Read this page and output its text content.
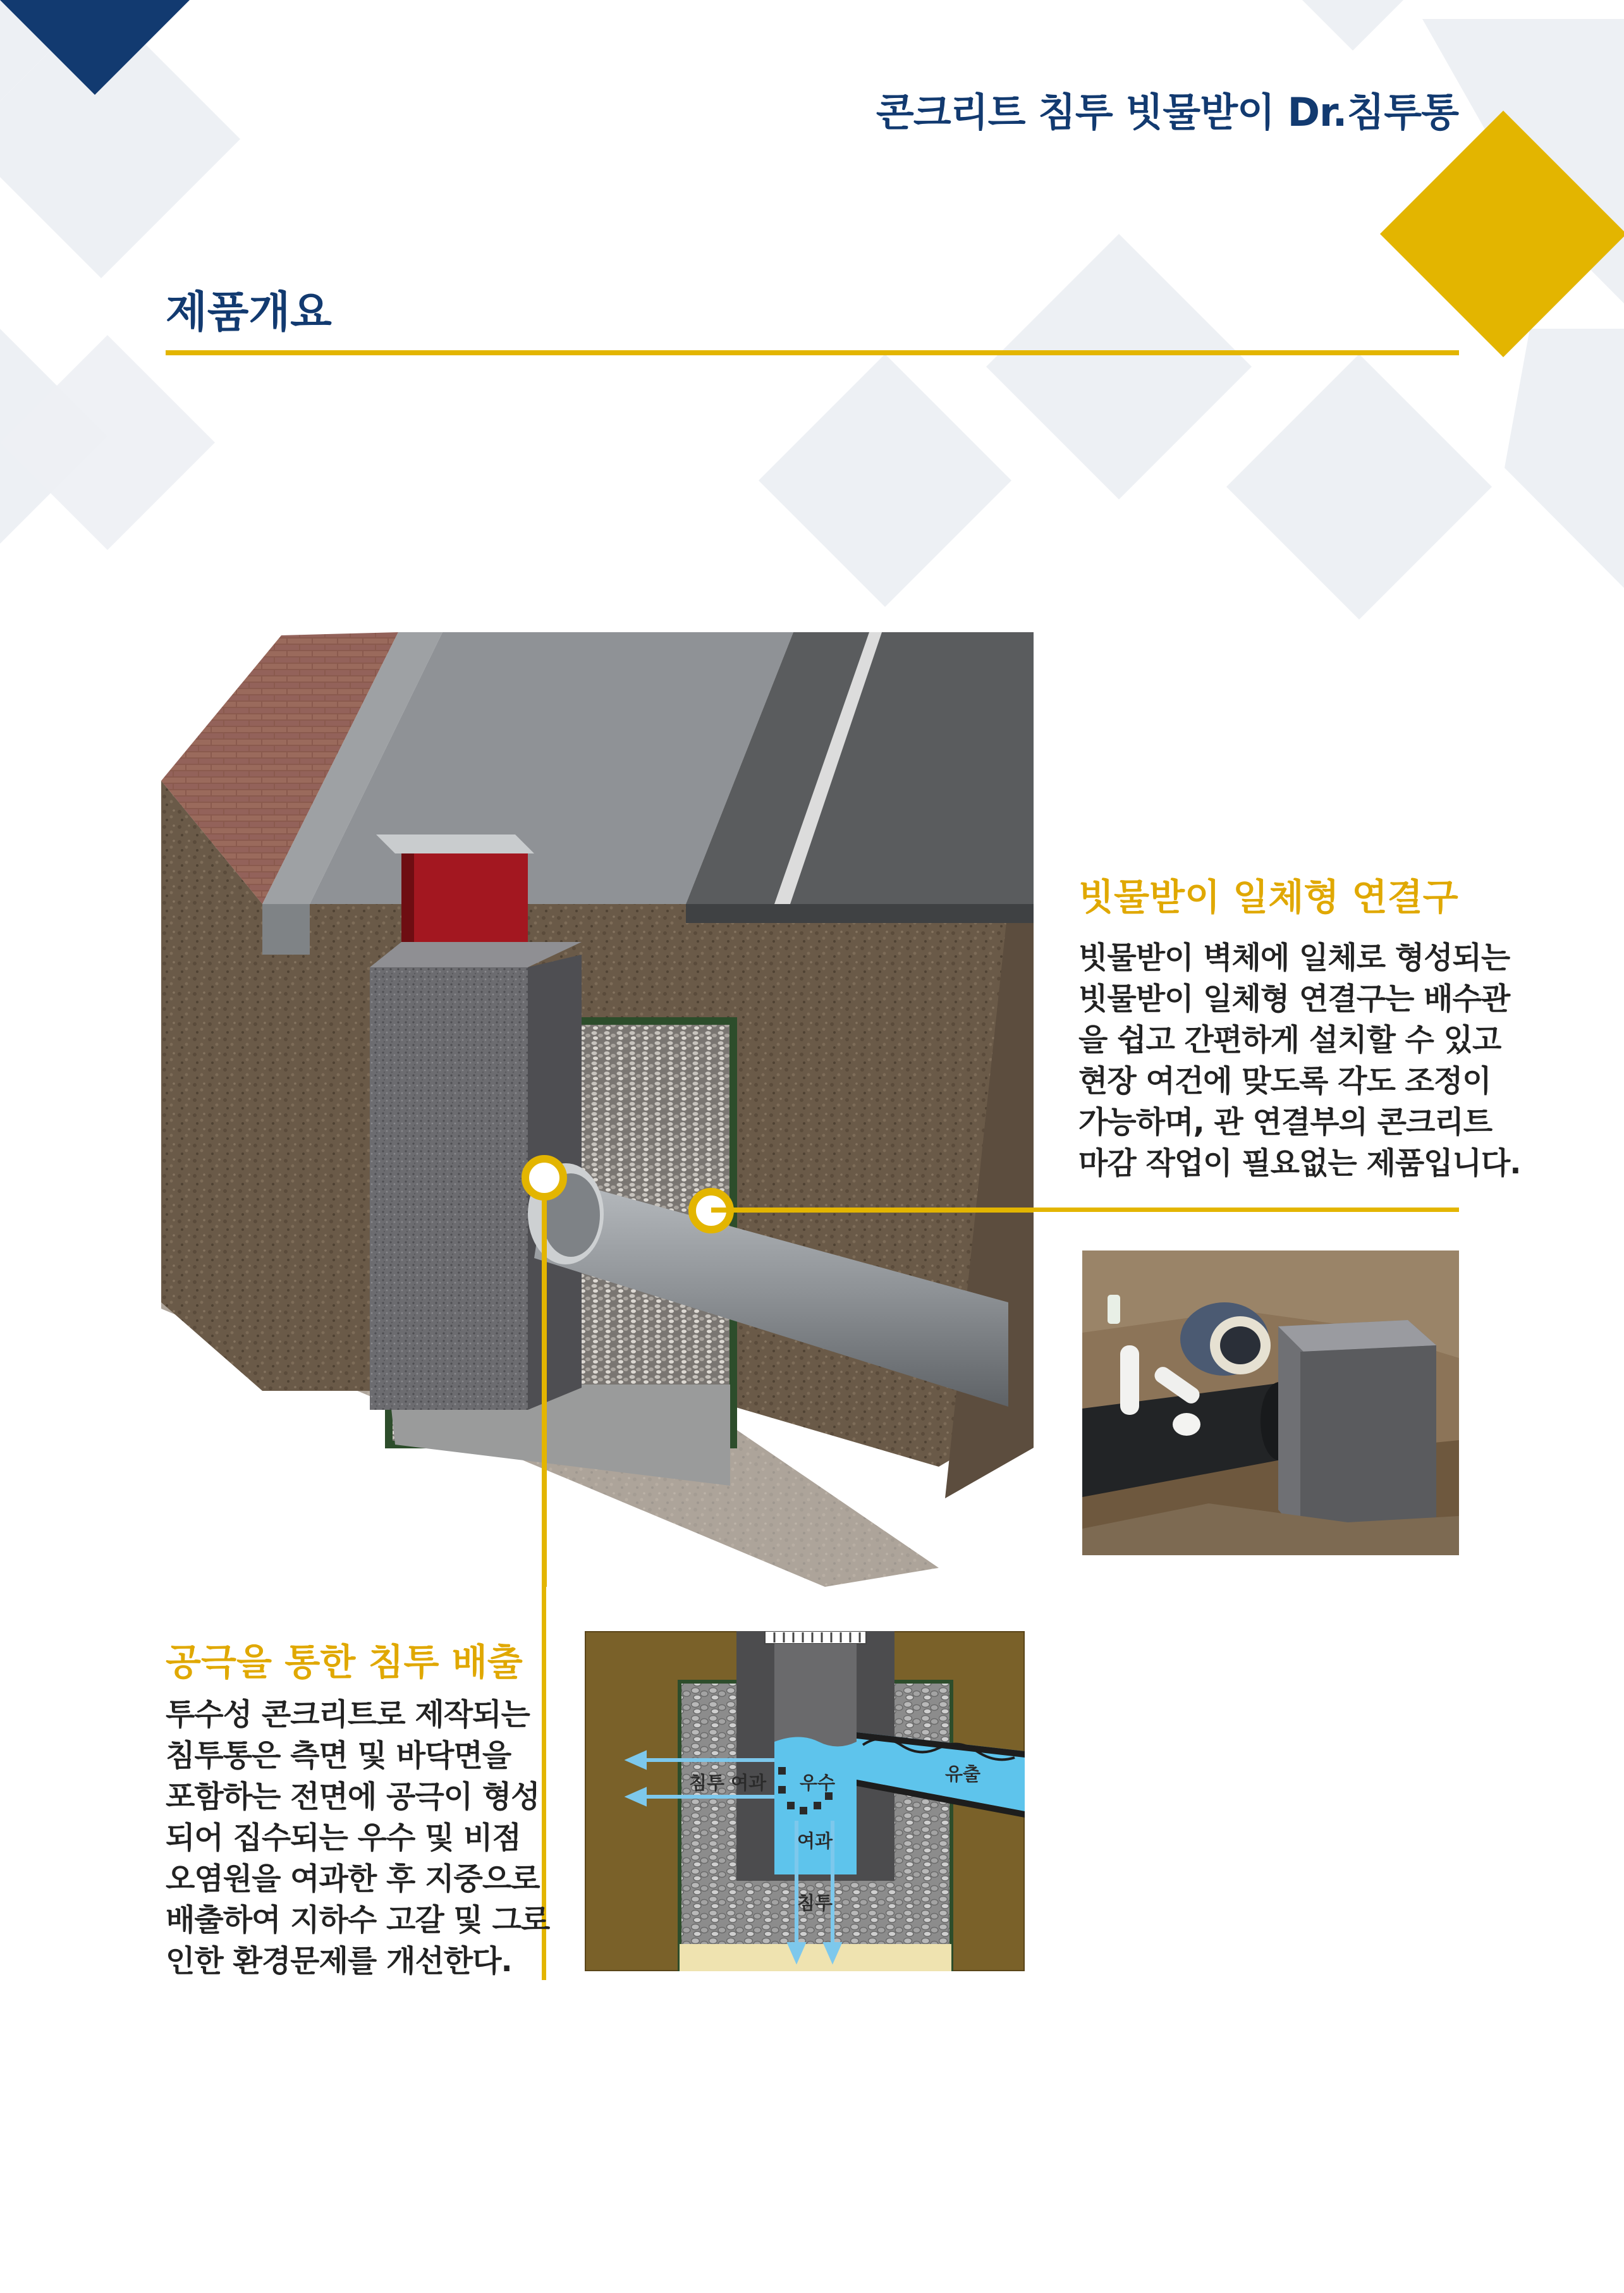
콘크리트 침투 빗물받이 Dr.침투통
제품개요
빗물받이 일체형 연결구
빗물받이 벽체에 일체로 형성되는
빗물받이 일체형 연결구는 배수관
을 쉽고 간편하게 설치할 수 있고
현장 여건에 맞도록 각도 조정이
가능하며, 관 연결부의 콘크리트
마감 작업이 필요없는 제품입니다.
공극을 통한 침투 배출
투수성 콘크리트로 제작되는
침투통은 측면 및 바닥면을
포함하는 전면에 공극이 형성
되어 집수되는 우수 및 비점
오염원을 여과한 후 지중으로
배출하여 지하수 고갈 및 그로
인한 환경문제를 개선한다.
침투 여과 우수	유출
여과
침투
